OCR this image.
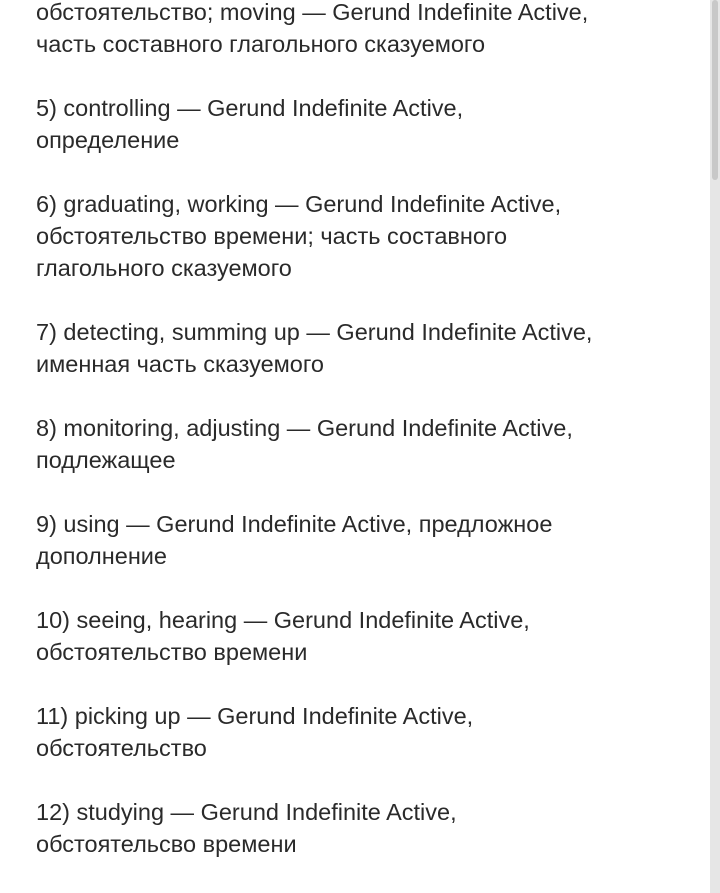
обстоятельство; moving — Gerund Indefinite Active,
часть составного глагольного сказуемого

5) controlling — Gerund Indefinite Active,
определение

6) graduating, working — Gerund Indefinite Active,
обстоятельство времени; часть составного
глагольного сказуемого

7) detecting, summing up — Gerund Indefinite Active,
именная часть сказуемого

8) monitoring, adjusting — Gerund Indefinite Active,
подлежащее

9) using — Gerund Indefinite Active, предложное
дополнение

10) seeing, hearing — Gerund Indefinite Active,
обстоятельство времени

11) picking up — Gerund Indefinite Active,
обстоятельство

12) studying — Gerund Indefinite Active,
обстоятельсво времени
